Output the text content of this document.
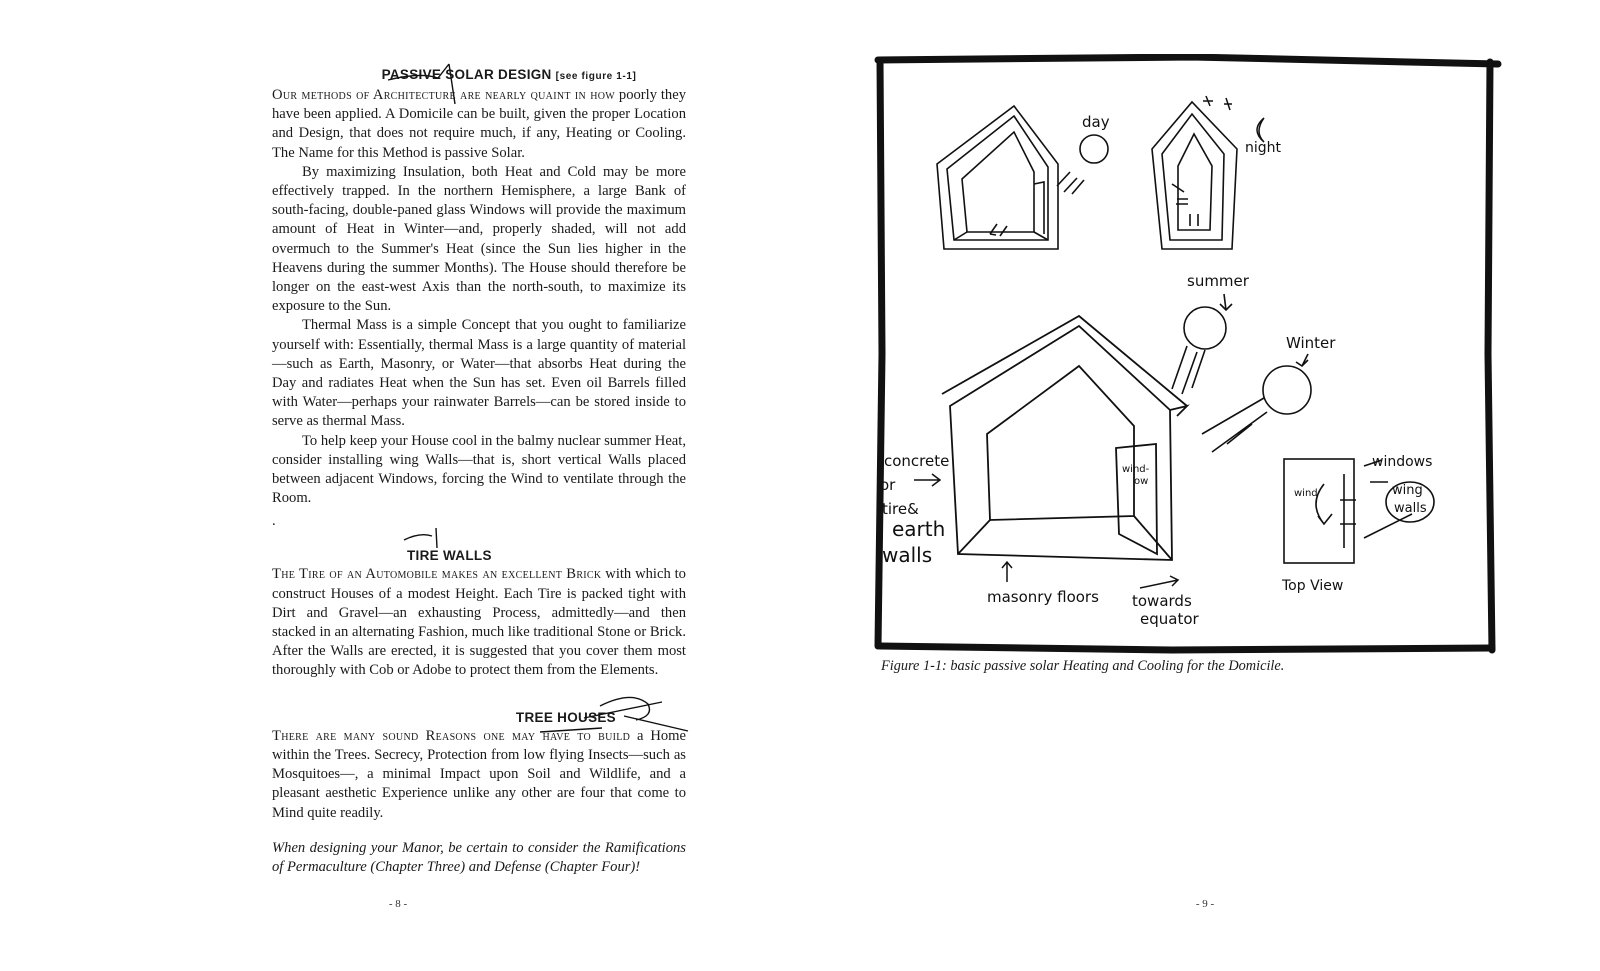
PASSIVE SOLAR DESIGN [see figure 1-1]

Our methods of Architecture are nearly quaint in how poorly they have been applied. A Domicile can be built, given the proper Location and Design, that does not require much, if any, Heating or Cooling. The Name for this Method is passive Solar.

By maximizing Insulation, both Heat and Cold may be more effectively trapped. In the northern Hemisphere, a large Bank of south-facing, double-paned glass Windows will provide the maximum amount of Heat in Winter—and, properly shaded, will not add overmuch to the Summer's Heat (since the Sun lies higher in the Heavens during the summer Months). The House should therefore be longer on the east-west Axis than the north-south, to maximize its exposure to the Sun.

Thermal Mass is a simple Concept that you ought to familiarize yourself with: Essentially, thermal Mass is a large quantity of material—such as Earth, Masonry, or Water—that absorbs Heat during the Day and radiates Heat when the Sun has set. Even oil Barrels filled with Water—perhaps your rainwater Barrels—can be stored inside to serve as thermal Mass.

To help keep your House cool in the balmy nuclear summer Heat, consider installing wing Walls—that is, short vertical Walls placed between adjacent Windows, forcing the Wind to ventilate through the Room.

.

TIRE WALLS

The Tire of an Automobile makes an excellent Brick with which to construct Houses of a modest Height. Each Tire is packed tight with Dirt and Gravel—an exhausting Process, admittedly—and then stacked in an alternating Fashion, much like traditional Stone or Brick. After the Walls are erected, it is suggested that you cover them most thoroughly with Cob or Adobe to protect them from the Elements.

TREE HOUSES

There are many sound Reasons one may have to build a Home within the Trees. Secrecy, Protection from low flying Insects—such as Mosquitoes—, a minimal Impact upon Soil and Wildlife, and a pleasant aesthetic Experience unlike any other are four that come to Mind quite readily.

When designing your Manor, be certain to consider the Ramifications of Permaculture (Chapter Three) and Defense (Chapter Four)!

- 8 -
day
night
summer
Winter
wind-
ow
concrete
or
tire&
earth
walls
masonry floors towards
equator
wind
windows
wing
walls
Top View
Figure 1-1: basic passive solar Heating and Cooling for the Domicile.
- 9 -
